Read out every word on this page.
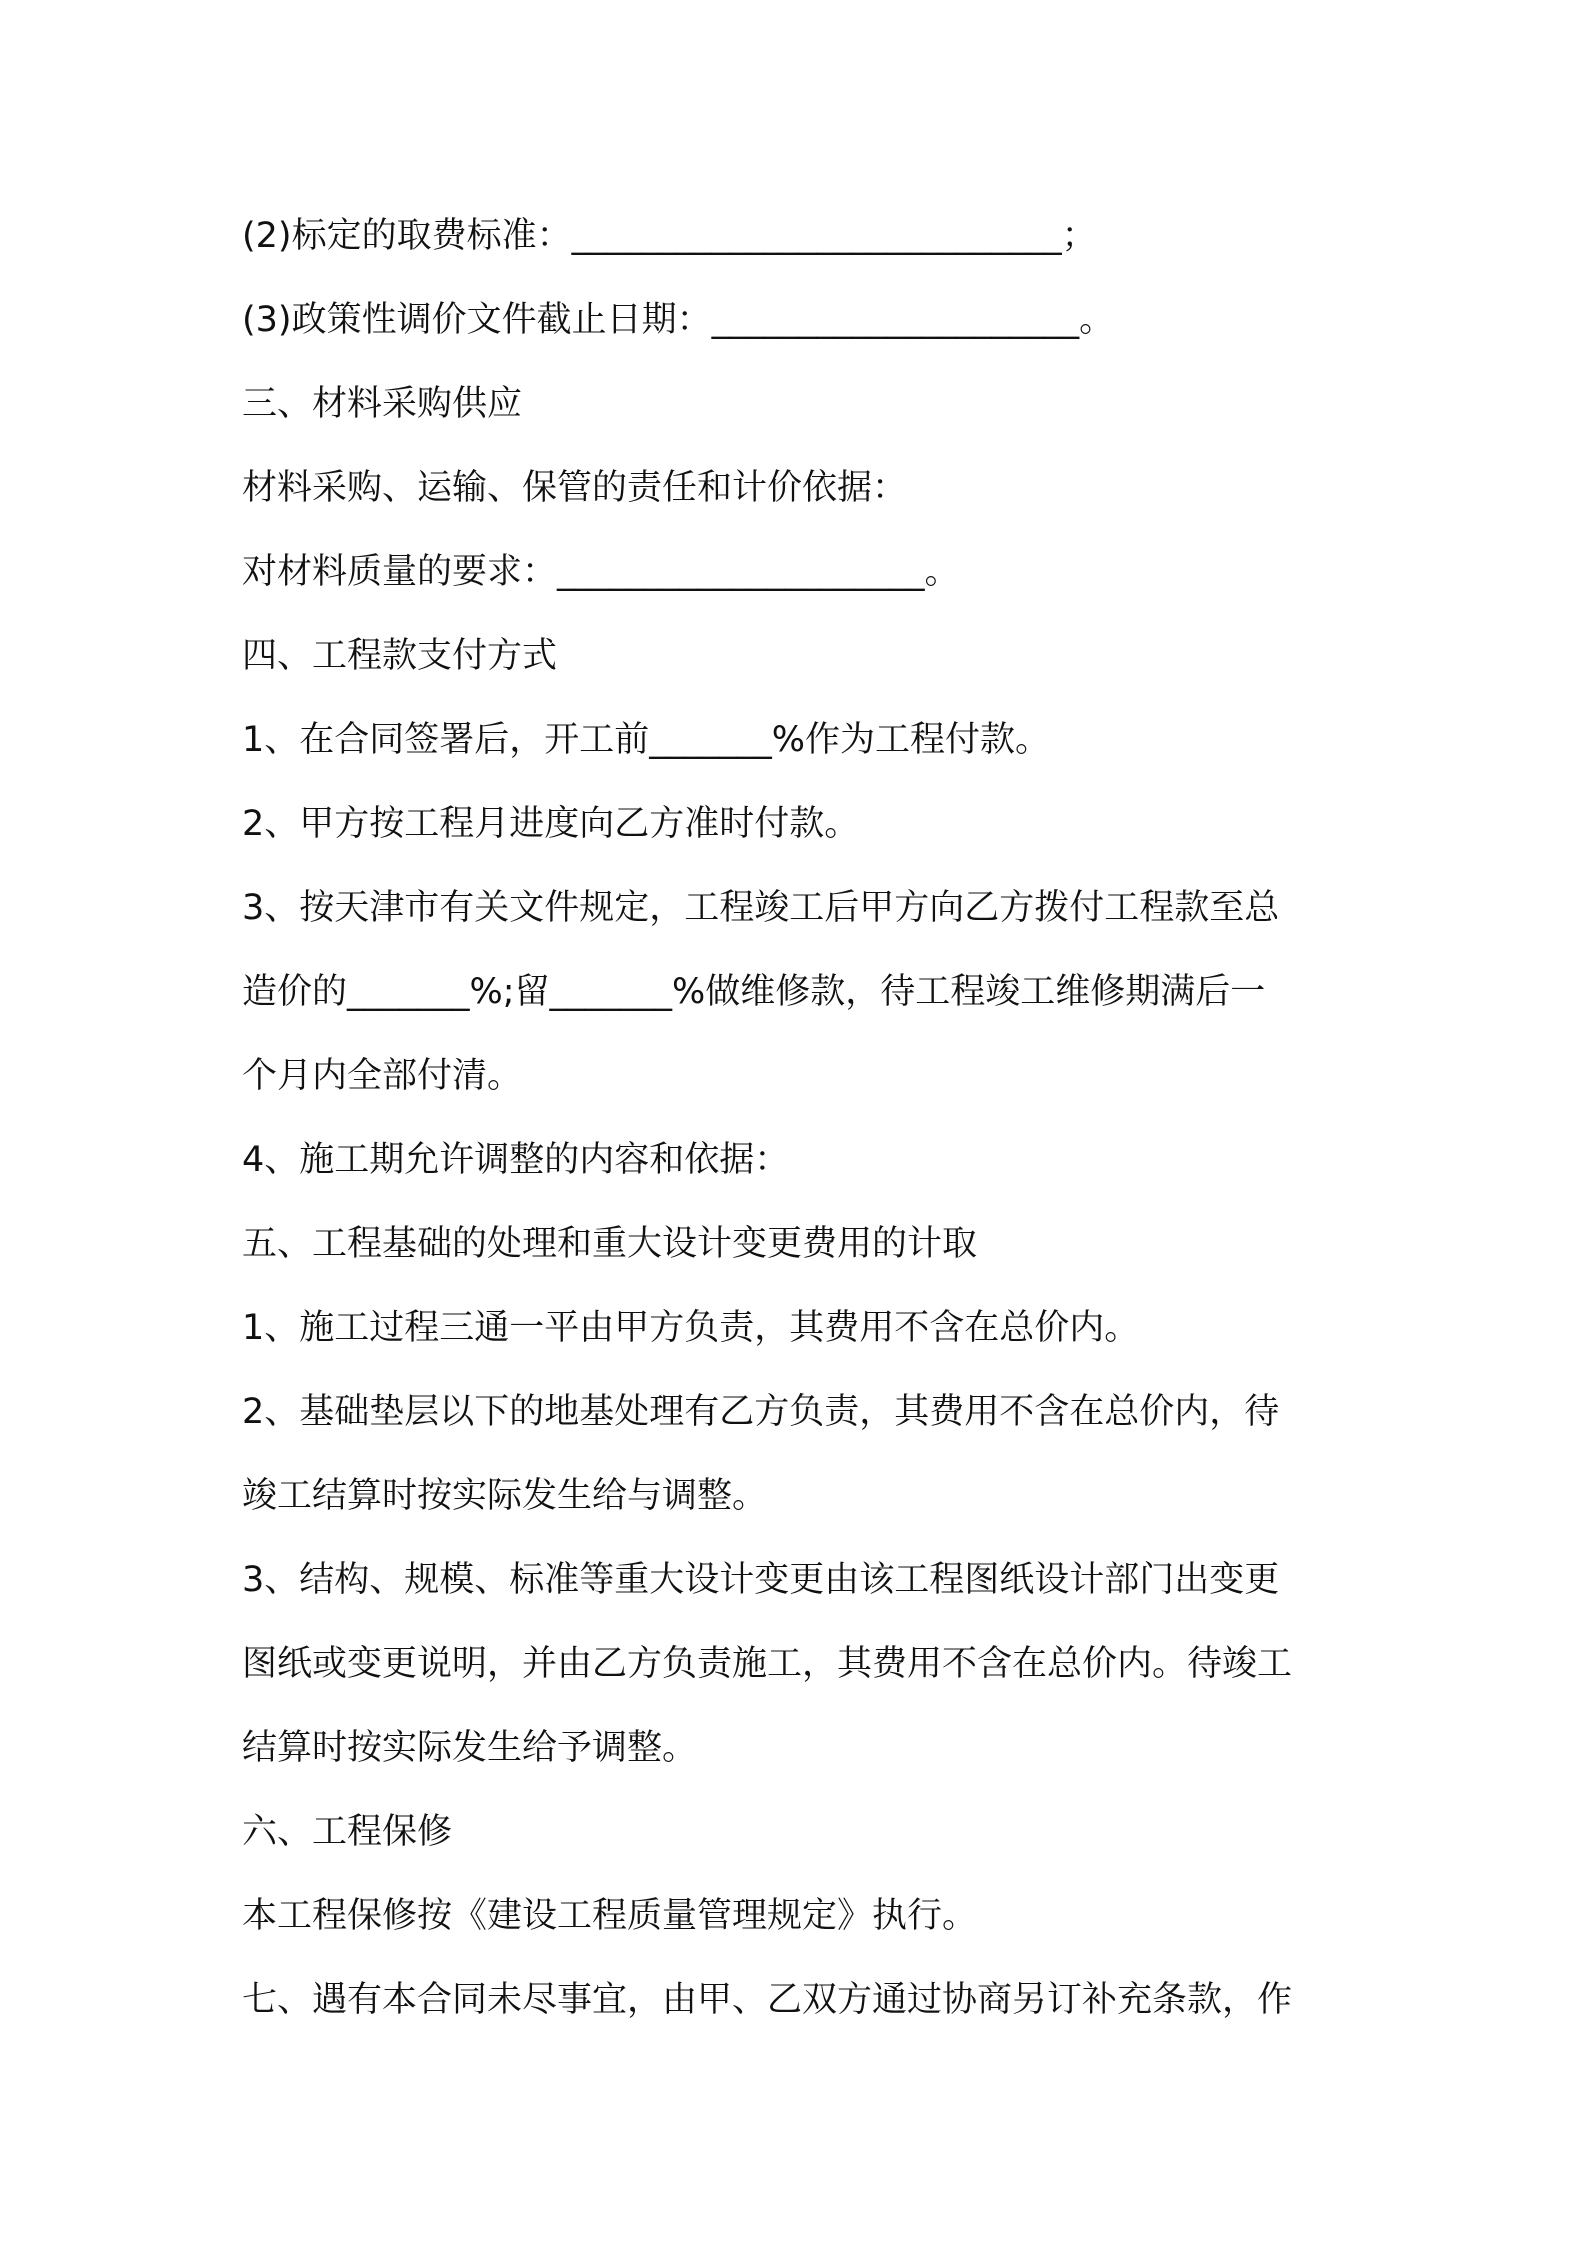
(2)标定的取费标准：____________________________；
(3)政策性调价文件截止日期：_____________________。
三、材料采购供应
材料采购、运输、保管的责任和计价依据：
对材料质量的要求：_____________________。
四、工程款支付方式
1、在合同签署后，开工前_______%作为工程付款。
2、甲方按工程月进度向乙方准时付款。
3、按天津市有关文件规定，工程竣工后甲方向乙方拨付工程款至总
造价的_______%;留_______%做维修款，待工程竣工维修期满后一
个月内全部付清。
4、施工期允许调整的内容和依据：
五、工程基础的处理和重大设计变更费用的计取
1、施工过程三通一平由甲方负责，其费用不含在总价内。
2、基础垫层以下的地基处理有乙方负责，其费用不含在总价内，待
竣工结算时按实际发生给与调整。
3、结构、规模、标准等重大设计变更由该工程图纸设计部门出变更
图纸或变更说明，并由乙方负责施工，其费用不含在总价内。待竣工
结算时按实际发生给予调整。
六、工程保修
本工程保修按《建设工程质量管理规定》执行。
七、遇有本合同未尽事宜，由甲、乙双方通过协商另订补充条款，作
